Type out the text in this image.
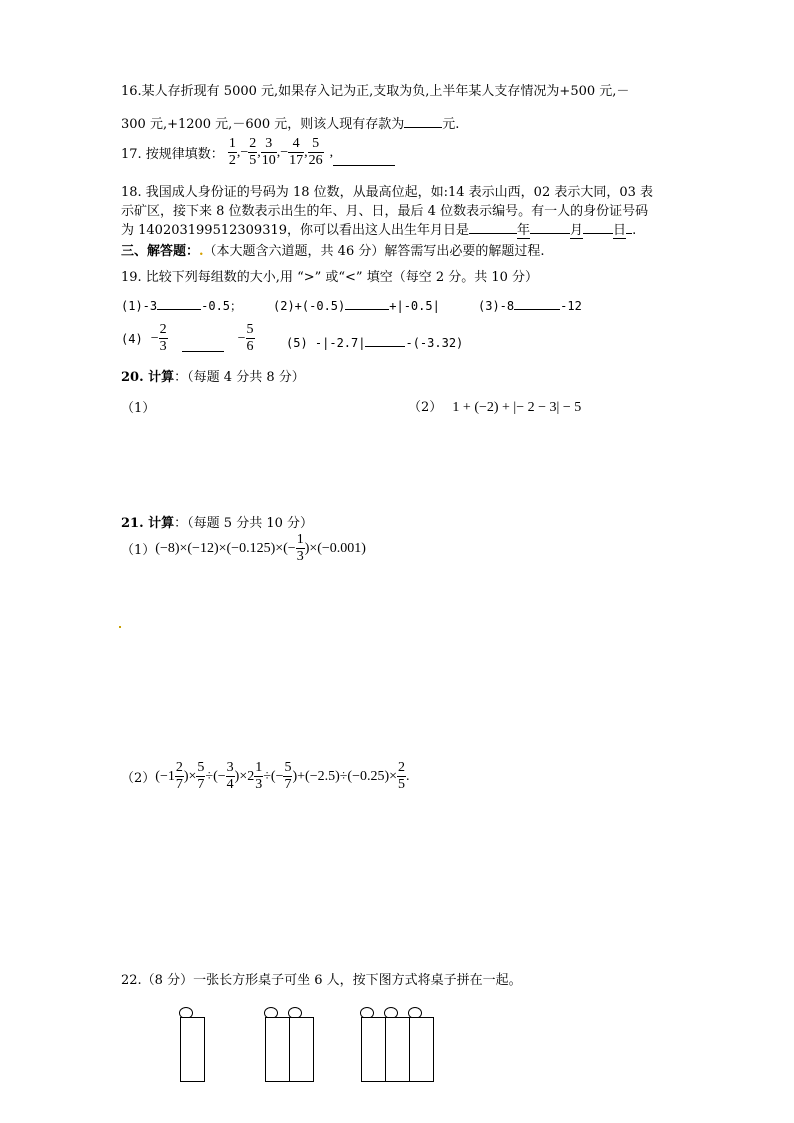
16.某人存折现有 5000 元,如果存入记为正,支取为负,上半年某人支存情况为+500 元,－
300 元,+1200 元,－600 元，则该人现有存款为	元.
17. 按规律填数： $\frac{1}{2}$ , − $\frac{2}{5}$ , $\frac{3}{10}$ , − $\frac{4}{17}$ , $\frac{5}{26}$ ,
18. 我国成人身份证的号码为 18 位数，从最高位起，如:14 表示山西，02 表示大同，03 表
示矿区，接下来 8 位数表示出生的年、月、日，最后 4 位数表示编号。有一人的身份证号码
为 140203199512309319，你可以看出这人出生年月日是	年	月 日 .
三、解答题：.（本大题含六道题，共 46 分）解答需写出必要的解题过程.
19. 比较下列每组数的大小,用 “>” 或“<” 填空（每空 2 分。共 10 分）
(1)-3	-0.5；	(2)+(-0.5)	+|-0.5|	(3)-8	-12
$(4) - \frac{2}{3}$	− $\frac{5}{6}$	(5) -|-2.7|	-(-3.32)
20. 计算：（每题 4 分共 8 分）
（1）	（2） 1 + (−2) + |− 2 − 3| − 5
21. 计算：（每题 5 分共 10 分）
（1） $(-8)\times(-12)\times(-0.125)\times(- \frac{1}{3} )\times(-0.001)$
（2） ($-1 \frac{2}{7}$ )× $\frac{5}{7}$ ÷(− $\frac{3}{4} )\times 2 \frac{1}{3}$ ÷(− $\frac{5}{7} )+(-2.5)\div(-0.25)\times \frac{2}{5}$ .
22.（8 分）一张长方形桌子可坐 6 人，按下图方式将桌子拼在一起。
